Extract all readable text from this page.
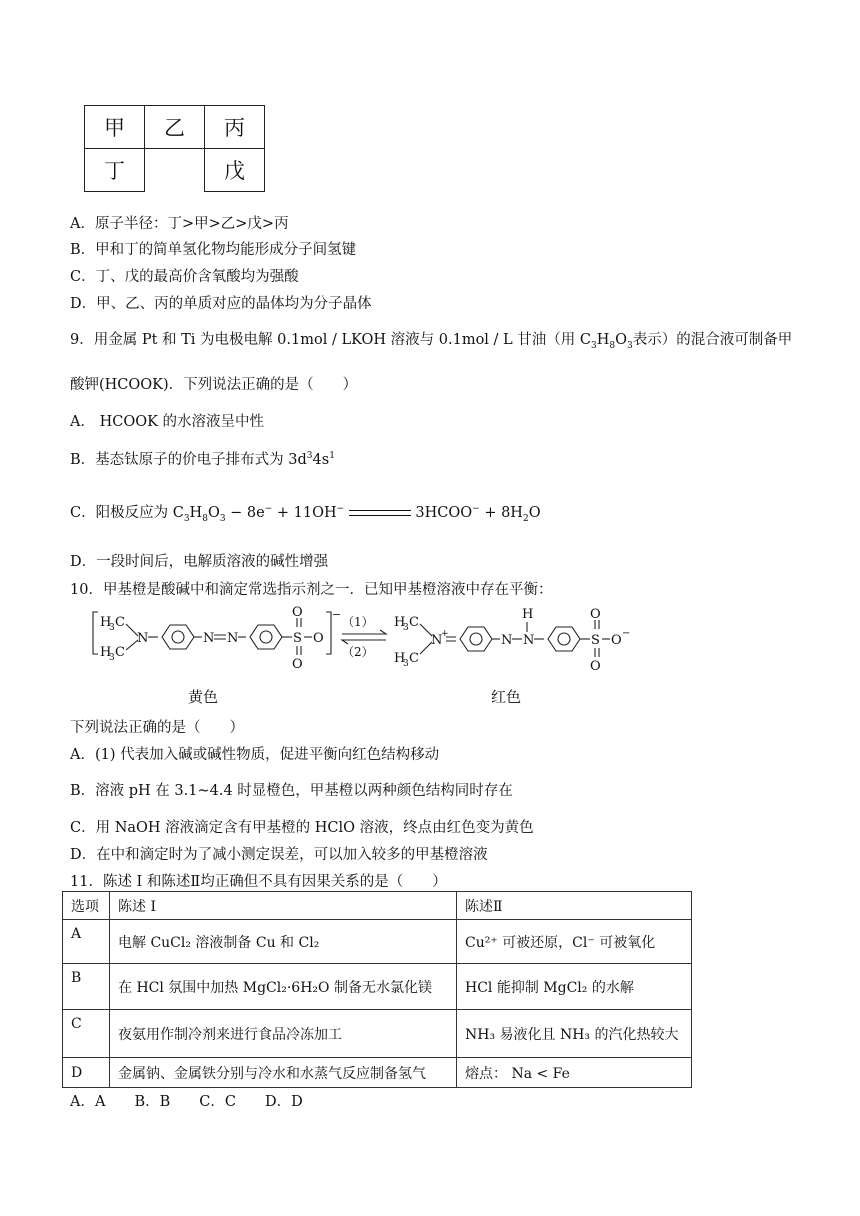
甲	乙	丙
丁		戊
A．原子半径：丁>甲>乙>戊>丙
B．甲和丁的简单氢化物均能形成分子间氢键
C．丁、戊的最高价含氧酸均为强酸
D．甲、乙、丙的单质对应的晶体均为分子晶体
9．用金属 Pt 和 Ti 为电极电解 0.1mol / LKOH 溶液与 0.1mol / L 甘油（用 $C_3H_8O_3$表示）的混合液可制备甲
酸钾(HCOOK)．下列说法正确的是（　　）
A． HCOOK 的水溶液呈中性
B．基态钛原子的价电子排布式为 $3d^34s^1$
C．阳极反应为 $C_3H_8O_3 - 8e^- + 11OH^-$	3HCOO− + $8H_2O$
D．一段时间后，电解质溶液的碱性增强
10．甲基橙是酸碱中和滴定常选指示剂之一．已知甲基橙溶液中存在平衡：
H
3 C
H
3 C
N	N N	S
O
O
O
−
（1）
（2）
H
3 C
H
3 C
N
+	N N
H
S
O
O
O −
黄色	红色
下列说法正确的是（　　）
A．(1) 代表加入碱或碱性物质，促进平衡向红色结构移动
B．溶液 pH 在 3.1~4.4 时显橙色，甲基橙以两种颜色结构同时存在
C．用 NaOH 溶液滴定含有甲基橙的 HClO 溶液，终点由红色变为黄色
D．在中和滴定时为了减小测定误差，可以加入较多的甲基橙溶液
11．陈述 I 和陈述Ⅱ均正确但不具有因果关系的是（　　）
选项	陈述 I	陈述Ⅱ
A	电解 CuCl₂ 溶液制备 Cu 和 Cl₂	Cu²⁺ 可被还原，Cl⁻ 可被氧化
B	在 HCl 氛围中加热 MgCl₂·6H₂O 制备无水氯化镁	HCl 能抑制 MgCl₂ 的水解
C	夜氨用作制冷剂来进行食品冷冻加工	NH₃ 易液化且 NH₃ 的汽化热较大
D	金属钠、金属铁分别与冷水和水蒸气反应制备氢气	熔点： Na < Fe
A．A　　B．B　　C．C　　D．D
